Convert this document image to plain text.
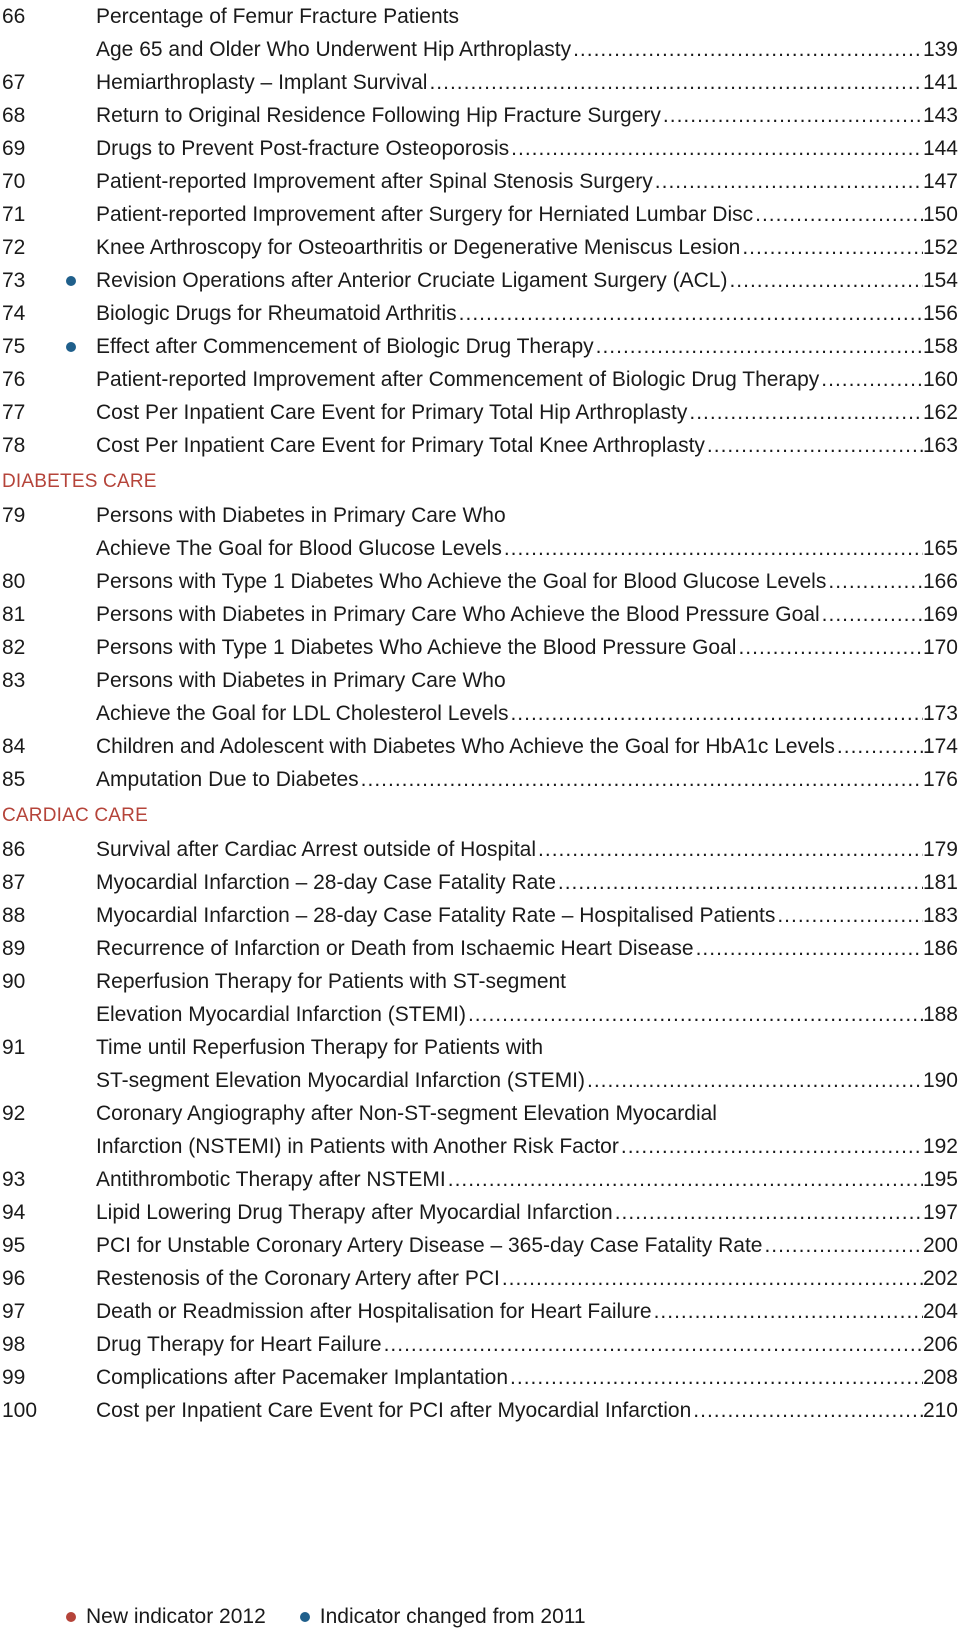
66	Percentage of Femur Fracture Patients
Age 65 and Older Who Underwent Hip Arthroplasty .....	139
67	Hemiarthroplasty – Implant Survival .....	141
68	Return to Original Residence Following Hip Fracture Surgery .....	143
69	Drugs to Prevent Post-fracture Osteoporosis .....	144
70	Patient-reported Improvement after Spinal Stenosis Surgery .....	147
71	Patient-reported Improvement after Surgery for Herniated Lumbar Disc .....	150
72	Knee Arthroscopy for Osteoarthritis or Degenerative Meniscus Lesion .....	152
73	Revision Operations after Anterior Cruciate Ligament Surgery (ACL) .....	154
74	Biologic Drugs for Rheumatoid Arthritis .....	156
75	Effect after Commencement of Biologic Drug Therapy .....	158
76	Patient-reported Improvement after Commencement of Biologic Drug Therapy .....	160
77	Cost Per Inpatient Care Event for Primary Total Hip Arthroplasty .....	162
78	Cost Per Inpatient Care Event for Primary Total Knee Arthroplasty .....	163
DIABETES CARE
79	Persons with Diabetes in Primary Care Who
Achieve The Goal for Blood Glucose Levels .....	165
80	Persons with Type 1 Diabetes Who Achieve the Goal for Blood Glucose Levels .....	166
81	Persons with Diabetes in Primary Care Who Achieve the Blood Pressure Goal .....	169
82	Persons with Type 1 Diabetes Who Achieve the Blood Pressure Goal .....	170
83	Persons with Diabetes in Primary Care Who
Achieve the Goal for LDL Cholesterol Levels .....	173
84	Children and Adolescent with Diabetes Who Achieve the Goal for HbA1c Levels .....	174
85	Amputation Due to Diabetes .....	176
CARDIAC CARE
86	Survival after Cardiac Arrest outside of Hospital .....	179
87	Myocardial Infarction – 28-day Case Fatality Rate .....	181
88	Myocardial Infarction – 28-day Case Fatality Rate – Hospitalised Patients .....	183
89	Recurrence of Infarction or Death from Ischaemic Heart Disease .....	186
90	Reperfusion Therapy for Patients with ST-segment
Elevation Myocardial Infarction (STEMI) .....	188
91	Time until Reperfusion Therapy for Patients with
ST-segment Elevation Myocardial Infarction (STEMI) .....	190
92	Coronary Angiography after Non-ST-segment Elevation Myocardial
Infarction (NSTEMI) in Patients with Another Risk Factor .....	192
93	Antithrombotic Therapy after NSTEMI .....	195
94	Lipid Lowering Drug Therapy after Myocardial Infarction .....	197
95	PCI for Unstable Coronary Artery Disease – 365-day Case Fatality Rate .....	200
96	Restenosis of the Coronary Artery after PCI .....	202
97	Death or Readmission after Hospitalisation for Heart Failure .....	204
98	Drug Therapy for Heart Failure .....	206
99	Complications after Pacemaker Implantation .....	208
100	Cost per Inpatient Care Event for PCI after Myocardial Infarction .....	210
New indicator 2012	Indicator changed from 2011
